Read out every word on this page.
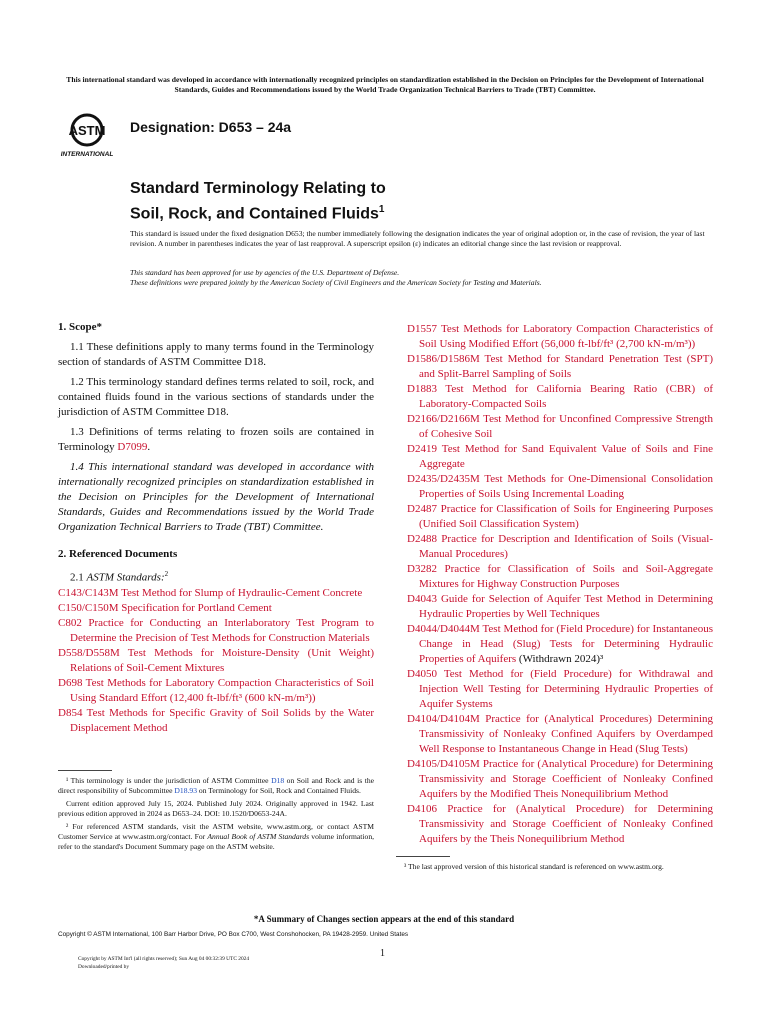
This international standard was developed in accordance with internationally recognized principles on standardization established in the Decision on Principles for the Development of International Standards, Guides and Recommendations issued by the World Trade Organization Technical Barriers to Trade (TBT) Committee.
ASTM
INTERNATIONAL
Designation: D653 – 24a
Standard Terminology Relating to
Soil, Rock, and Contained Fluids$^1$
This standard is issued under the fixed designation D653; the number immediately following the designation indicates the year of original adoption or, in the case of revision, the year of last revision. A number in parentheses indicates the year of last reapproval. A superscript epsilon (ε) indicates an editorial change since the last revision or reapproval.
This standard has been approved for use by agencies of the U.S. Department of Defense.
These definitions were prepared jointly by the American Society of Civil Engineers and the American Society for Testing and Materials.
1. Scope*
1.1 These definitions apply to many terms found in the Terminology section of standards of ASTM Committee D18.
1.2 This terminology standard defines terms related to soil, rock, and contained fluids found in the various sections of standards under the jurisdiction of ASTM Committee D18.
1.3 Definitions of terms relating to frozen soils are contained in Terminology D7099.
1.4 This international standard was developed in accordance with internationally recognized principles on standardization established in the Decision on Principles for the Development of International Standards, Guides and Recommendations issued by the World Trade Organization Technical Barriers to Trade (TBT) Committee.
2. Referenced Documents
2.1 ASTM Standards:$^2$
C143/C143M Test Method for Slump of Hydraulic-Cement Concrete
C150/C150M Specification for Portland Cement
C802 Practice for Conducting an Interlaboratory Test Program to Determine the Precision of Test Methods for Construction Materials
D558/D558M Test Methods for Moisture-Density (Unit Weight) Relations of Soil-Cement Mixtures
D698 Test Methods for Laboratory Compaction Characteristics of Soil Using Standard Effort (12,400 ft-lbf/ft³ (600 kN-m/m³))
D854 Test Methods for Specific Gravity of Soil Solids by the Water Displacement Method
D1557 Test Methods for Laboratory Compaction Characteristics of Soil Using Modified Effort (56,000 ft-lbf/ft³ (2,700 kN-m/m³))
D1586/D1586M Test Method for Standard Penetration Test (SPT) and Split-Barrel Sampling of Soils
D1883 Test Method for California Bearing Ratio (CBR) of Laboratory-Compacted Soils
D2166/D2166M Test Method for Unconfined Compressive Strength of Cohesive Soil
D2419 Test Method for Sand Equivalent Value of Soils and Fine Aggregate
D2435/D2435M Test Methods for One-Dimensional Consolidation Properties of Soils Using Incremental Loading
D2487 Practice for Classification of Soils for Engineering Purposes (Unified Soil Classification System)
D2488 Practice for Description and Identification of Soils (Visual-Manual Procedures)
D3282 Practice for Classification of Soils and Soil-Aggregate Mixtures for Highway Construction Purposes
D4043 Guide for Selection of Aquifer Test Method in Determining Hydraulic Properties by Well Techniques
D4044/D4044M Test Method for (Field Procedure) for Instantaneous Change in Head (Slug) Tests for Determining Hydraulic Properties of Aquifers (Withdrawn 2024)³
D4050 Test Method for (Field Procedure) for Withdrawal and Injection Well Testing for Determining Hydraulic Properties of Aquifer Systems
D4104/D4104M Practice for (Analytical Procedures) Determining Transmissivity of Nonleaky Confined Aquifers by Overdamped Well Response to Instantaneous Change in Head (Slug Tests)
D4105/D4105M Practice for (Analytical Procedure) for Determining Transmissivity and Storage Coefficient of Nonleaky Confined Aquifers by the Modified Theis Nonequilibrium Method
D4106 Practice for (Analytical Procedure) for Determining Transmissivity and Storage Coefficient of Nonleaky Confined Aquifers by the Theis Nonequilibrium Method

¹ This terminology is under the jurisdiction of ASTM Committee D18 on Soil and Rock and is the direct responsibility of Subcommittee D18.93 on Terminology for Soil, Rock and Contained Fluids.

Current edition approved July 15, 2024. Published July 2024. Originally approved in 1942. Last previous edition approved in 2024 as D653–24. DOI: 10.1520/D0653-24A.

² For referenced ASTM standards, visit the ASTM website, www.astm.org, or contact ASTM Customer Service at www.astm.org/contact. For Annual Book of ASTM Standards volume information, refer to the standard's Document Summary page on the ASTM website.

³ The last approved version of this historical standard is referenced on www.astm.org.

*A Summary of Changes section appears at the end of this standard
Copyright © ASTM International, 100 Barr Harbor Drive, PO Box C700, West Conshohocken, PA 19428-2959. United States
1
Copyright by ASTM Int'l (all rights reserved); Sun Aug 04 00:32:39 UTC 2024
Downloaded/printed by
